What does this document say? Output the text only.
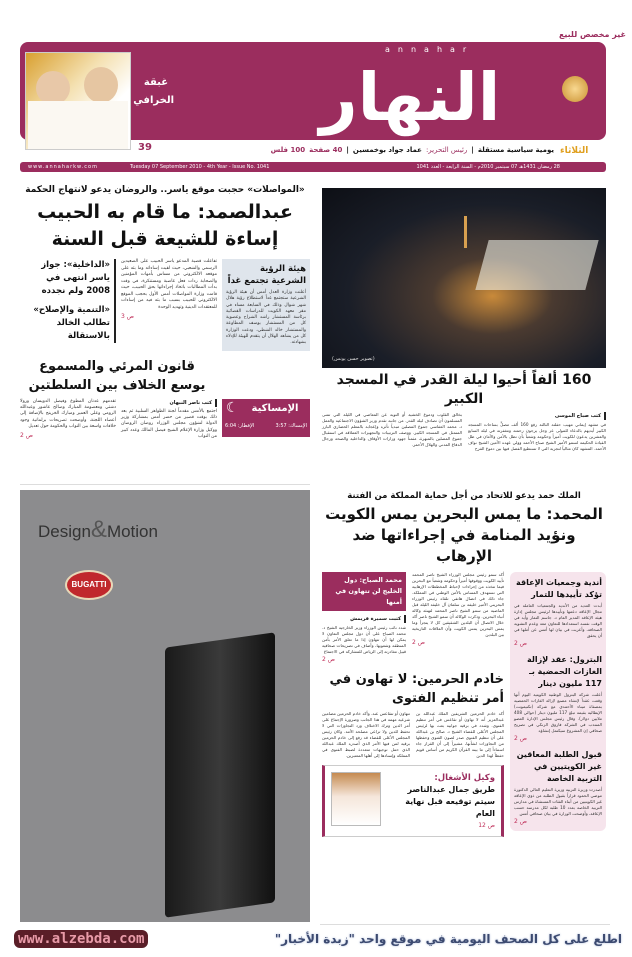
غير مخصص للبيع
غبقة الخرافي
39
annahar
النهار
الثلاثاء
يومية سياسية مستقلة
|
رئيس التحرير:
عماد جواد بوخمسين
|
40 صفحة
100 فلس
28 رمضان 1431هـ 07 سبتمبر 2010م - السنة الرابعة - العدد 1041
Tuesday 07 September 2010 - 4th Year - Issue No. 1041
www.annaharkw.com
«المواصلات» حجبت موقع ياسر.. والروضان يدعو لانتهاج الحكمة
عبدالصمد: ما قام به الحبيب إساءة للشيعة قبل السنة
هيئة الرؤية الشرعية تجتمع غداً
أعلنت وزارة العدل أمس أن هيئة الرؤية الشرعية ستجتمع غداً لاستطلاع رؤية هلال شهر شوال وذلك في السابعة مساء في مقر معهد الكويت للدراسات القضائية برئاسة المستشار راشد الشراح وعضوية كل من المستشار يوسف المطاوعة والمستشار خالد الشطي، ودعت الوزارة كل من يشاهد الهلال أن يتقدم للهيئة للإدلاء بشهادته.
تفاعلت قضية المدعو ياسر الحبيب على الصعيدين الرسمي والشعبي، حيث لقيت إساءاته وما بثه على موقعه الالكتروني من مساس بأمهات المؤمنين والصحابة ردات فعل غاضبة ومستنكرة، في وقت بدأت المطالبات باتخاذ إجراءاتها بحق الحبيب، حيث قامت وزارة المواصلات أمس الأول بحجب الموقع الالكتروني للحبيب بسبب ما بثه فيه من إساءات للمعتقدات الدينية وتهديد الوحدة
ص 3
«الداخلية»: جواز ياسر انتهى في 2008 ولم نجدده
«التنمية والإصلاح» تطالب الخالد بالاستقالة
قانون المرئي والمسموع يوسع الخلاف بين السلطتين
الإمساكية
☾
الإمساك: 3:57
الإفطار: 6:04
كتب ناصر النبهان
اجتمع بالأمس مقدماً لجنة الظواهر السلبية ثم بعد ذلك بوقت قصير من حضر أمس بمشاركة وزير الدولة لشؤون مجلس الوزراء روضان الروضان ووكيل وزارة الإعلام الشيخ فيصل المالك وعدد كبير من النواب
تقدمهم عدنان المطوع وفيصل الدويسان ورولا دشتي ومعصومة المبارك وصالح عاشور وعبدالله الرومي وعلي العمير ومبارك الخرينج بالإضافة إلى أعضاء اللجنة، وأوضحت تصريحات برلمانية وجود خلافات واسعة بين النواب والحكومة حول تعديل
ص 2
(تصوير حسن يونس)
160 ألفاً أحيوا ليلة القدر في المسجد الكبير
كتب صباح الموسى
في مشهد إيماني مهيب حفلته الثالثة رفع 160 ألف مصلٍّ بساحات المسجد الكبير أيديهم بالدعاء للمولى عز وجل يرجون رحمته ومغفرته في ليلة السابع والعشرين يدعون للكويت أميراً وحكومة وشعباً بأن تظل بالأمن والأمان في ظل القيادة الحكيمة لسمو الأمير الشيخ صباح الأحمد وولي عهده الأمين الشيخ نواف الأحمد. المشهد كان مثالياً لتجربة التي لا تستطيع الفصل فيها بين دموع الفرح
بخالق القلوب ودموع الخشية أو التوبة عن المعاصي في الليلة التي تمنى المسلمون أن تصادف ليلة القدر. من جانبه تقدم وزير الشؤون الاجتماعية والعمل د. محمد العفاسي جموع المصلين مبدياً تأثره وإعجابه بالمعلم الحضاري البارز المتمثل في المسجد الكبير. ووصف الترتيبات والتجهيزات العملاقة في استقبال جموع المصلين بالمبهرة، مثمناً جهود وزارات الأوقاف والداخلية والصحة ورجال الدفاع المدني والهلال الأحمر.
Design&Motion
BUGATTI
الملك حمد يدعو للاتحاد من أجل حماية المملكة من الفتنة
المحمد: ما يمس البحرين يمس الكويت ونؤيد المنامة في إجراءاتها ضد الإرهاب
أندية وجمعيات الإعاقة تؤكد تأييدها للتمار
أبدت العديد من الأندية والجمعيات العاملة في مجال الإعاقة دعمها وتأييدها لرئيس مجلس إدارة هيئة الإعاقة المدير العام د. جاسم التمار وأيد في الوقت نفسه استعدادها للتعاون معه وعدم التشويه الصحافة، وأعربت في بيان لها أمس عن أملها في أن يحقق
ص 2
البترول: عقد لإزالة الغازات الحمضية بـ 117 مليون دينار
أعلنت شركة البترول الوطنية الكويتية اليوم أنها وقعت عقداً لإنشاء مصنع لإزالة الغازات الحمضية بمصفاة ميناء الأحمدي مع شركة (تكنيمونت) الإيطالية بقيمة تبلغ 117 مليون دينار (حوالي 408 ملايين دولار). وقال رئيس مجلس الإدارة العضو المنتدب في الشركة فاروق الزنكي في تصريح صحافي إن المشروع سيكتمل إنشاؤه
ص 2
قبول الطلبة المعاقين غير الكويتيين في التربية الخاصة
أصدرت وزيرة التربية وزيرة التعليم العالي الدكتورة موضي الحمود قراراً بقبول الطلبة من ذوي الإعاقة غير الكويتيين من أبناء الفئات المستثناة في مدارس التربية الخاصة بعدد 10 طلبة لكل مدرسة حسب الإعاقة، وأوضحت الوزارة في بيان صحافي أمس
ص 2
أكد سمو رئيس مجلس الوزراء الشيخ ناصر المحمد تأييد الكويت ووقوفها أميراً وحكومة وشعباً مع البحرين فيما تتخذه من إجراءات لإحباط المخططات الإرهابية التي تستهدف المساس بالأمن الوطني في المملكة. جاء ذلك في اتصال هاتفي تلقاه رئيس الوزراء البحريني الأمير خليفة بن سلمان آل خليفة الليلة قبل الماضية من سمو الشيخ ناصر المحمد لتهنئة وكالة أنباء البحرين. وذكرت الوكالة أن سمو الشيخ ناصر أكد خلال الاتصال أن البلدين الشقيقين كل لا يتجزأ وما يمس البحرين يمس الكويت وأن العلاقات التاريخية بين البلدين
ص 2
محمد الصباح: دول الخليج لن تتهاون في أمنها
كتبت سميرة فريمش
شدد نائب رئيس الوزراء وزير الخارجية الشيخ د. محمد الصباح على أن دول مجلس التعاون لا يمكن لها أن تتهاون إذا ما تعلق الأمر بأمن المنطقة وشعوبها، وأضاف في تصريحات صحافية قبيل مغادرته إلى الرياض للمشاركة في الاجتماع
ص 2
خادم الحرمين: لا تهاون في أمر تنظيم الفتوى
أكد خادم الحرمين الشريفين الملك عبدالله بن عبدالعزيز أنه لا تهاون أو تقاعس في أمر تنظيم الفتوى. وشدد في برقية جوابية بعث بها لرئيس المجلس الأعلى للقضاء الشيخ د. صالح بن عبدالله على أن تنظيم الفتوى صدر لصون الفتوى وحفظها من التجاوزات لشأنها، مشيراً إلى أن القرار جاء استناداً إلى ما بينه القرآن الكريم من أساس قويم حفظاً لهذا الدين
تتهاون أو تتقاعس عنه. وأكد خادم الحرمين مضامين شرعية مهمة في هذا الجانب وضرورة الإجماع على أمر الدين وترك الاختلاف ورد التجاوزات التي لا تحفظ للدين ولا تراعي مصلحة الأمة. وكان رئيس المجلس الأعلى للقضاء قد رفع إلى خادم الحرمين برقية لمن فيها الأمر الذي أصدره الملك عبدالله الذي حمل توجيهات متعددة لضبط الفتوى في المملكة وإسنادها إلى أهلها المعتبرين.
وكيل الأشغال:
طريق جمال عبدالناصر سيتم توقيعه قبل نهاية العام
ص 12
اطلع على كل الصحف اليومية في موقع واحد "زبدة الأخبار"
www.alzebda.com
